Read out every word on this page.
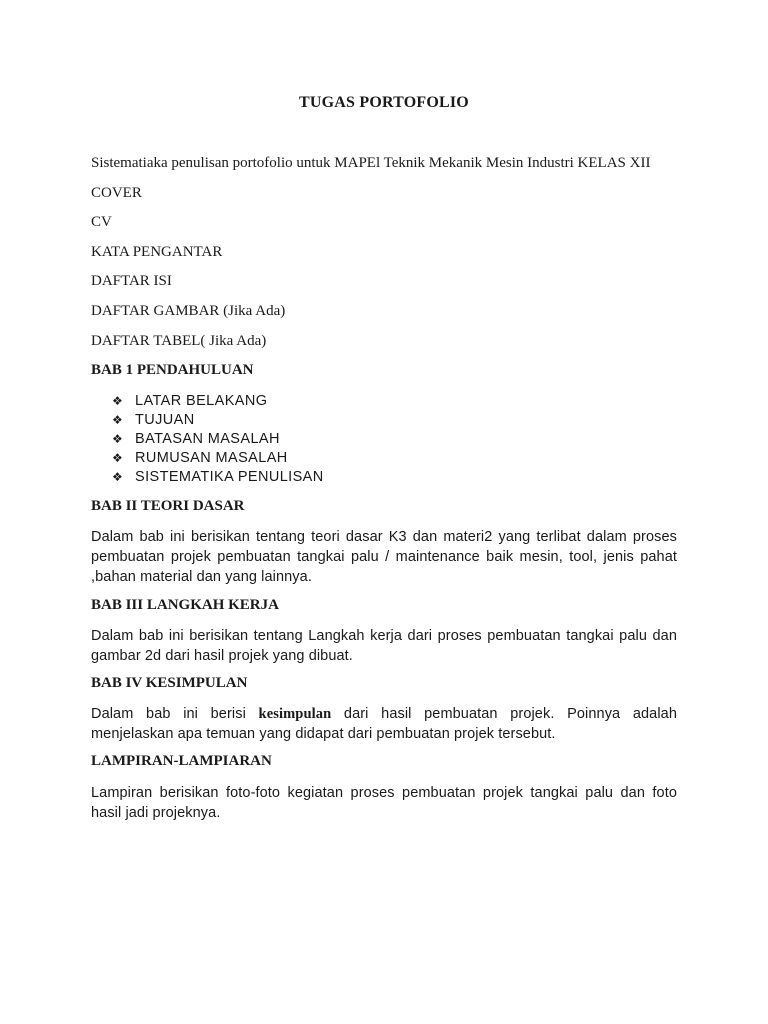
TUGAS PORTOFOLIO
Sistematiaka penulisan portofolio untuk MAPEl Teknik Mekanik Mesin Industri KELAS XII
COVER
CV
KATA PENGANTAR
DAFTAR ISI
DAFTAR GAMBAR (Jika Ada)
DAFTAR TABEL( Jika Ada)
BAB 1 PENDAHULUAN
❖ LATAR BELAKANG
❖ TUJUAN
❖ BATASAN MASALAH
❖ RUMUSAN MASALAH
❖ SISTEMATIKA PENULISAN
BAB II TEORI DASAR
Dalam bab ini berisikan tentang teori dasar K3 dan materi2 yang terlibat dalam proses pembuatan projek pembuatan tangkai palu / maintenance baik mesin, tool, jenis pahat ,bahan material dan yang lainnya.
BAB III LANGKAH KERJA
Dalam bab ini berisikan tentang Langkah kerja dari proses pembuatan tangkai palu dan gambar 2d dari hasil projek yang dibuat.
BAB IV KESIMPULAN
Dalam bab ini berisi kesimpulan dari hasil pembuatan projek. Poinnya adalah menjelaskan apa temuan yang didapat dari pembuatan projek tersebut.
LAMPIRAN-LAMPIARAN
Lampiran berisikan foto-foto kegiatan proses pembuatan projek tangkai palu dan foto hasil jadi projeknya.
